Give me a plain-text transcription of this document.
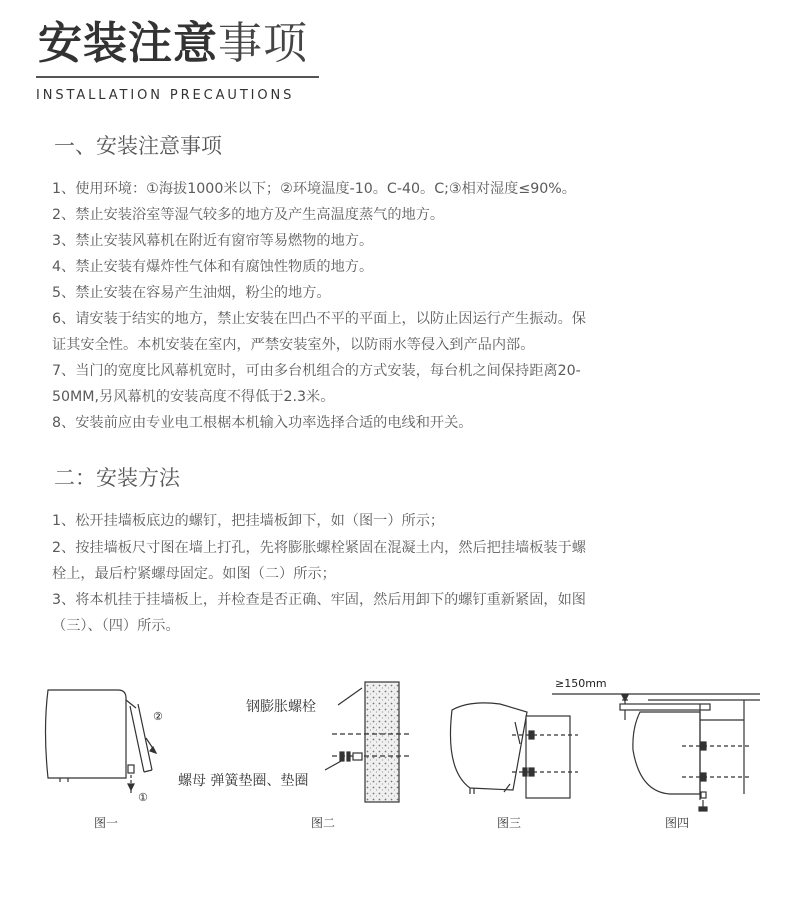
安装注意事项
INSTALLATION PRECAUTIONS
一、安装注意事项
1、使用环境：①海拔1000米以下；②环境温度-10。C-40。C;③相对湿度≤90%。
2、禁止安装浴室等湿气较多的地方及产生高温度蒸气的地方。
3、禁止安装风幕机在附近有窗帘等易燃物的地方。
4、禁止安装有爆炸性气体和有腐蚀性物质的地方。
5、禁止安装在容易产生油烟，粉尘的地方。
6、请安装于结实的地方，禁止安装在凹凸不平的平面上，以防止因运行产生振动。保
证其安全性。本机安装在室内，严禁安装室外，以防雨水等侵入到产品内部。
7、当门的宽度比风幕机宽时，可由多台机组合的方式安装，每台机之间保持距离20-
50MM,另风幕机的安装高度不得低于2.3米。
8、安装前应由专业电工根椐本机输入功率选择合适的电线和开关。
二：安装方法
1、松开挂墙板底边的螺钉，把挂墙板卸下，如（图一）所示；
2、按挂墙板尺寸图在墙上打孔，先将膨胀螺栓紧固在混凝土内，然后把挂墙板装于螺
栓上，最后柠紧螺母固定。如图（二）所示；
3、将本机挂于挂墙板上，并检查是否正确、牢固，然后用卸下的螺钉重新紧固，如图
（三）、（四）所示。
②
①
钢膨胀螺栓
螺母 弹簧垫圈、垫圈
≥150mm
图一	图二	图三	图四
